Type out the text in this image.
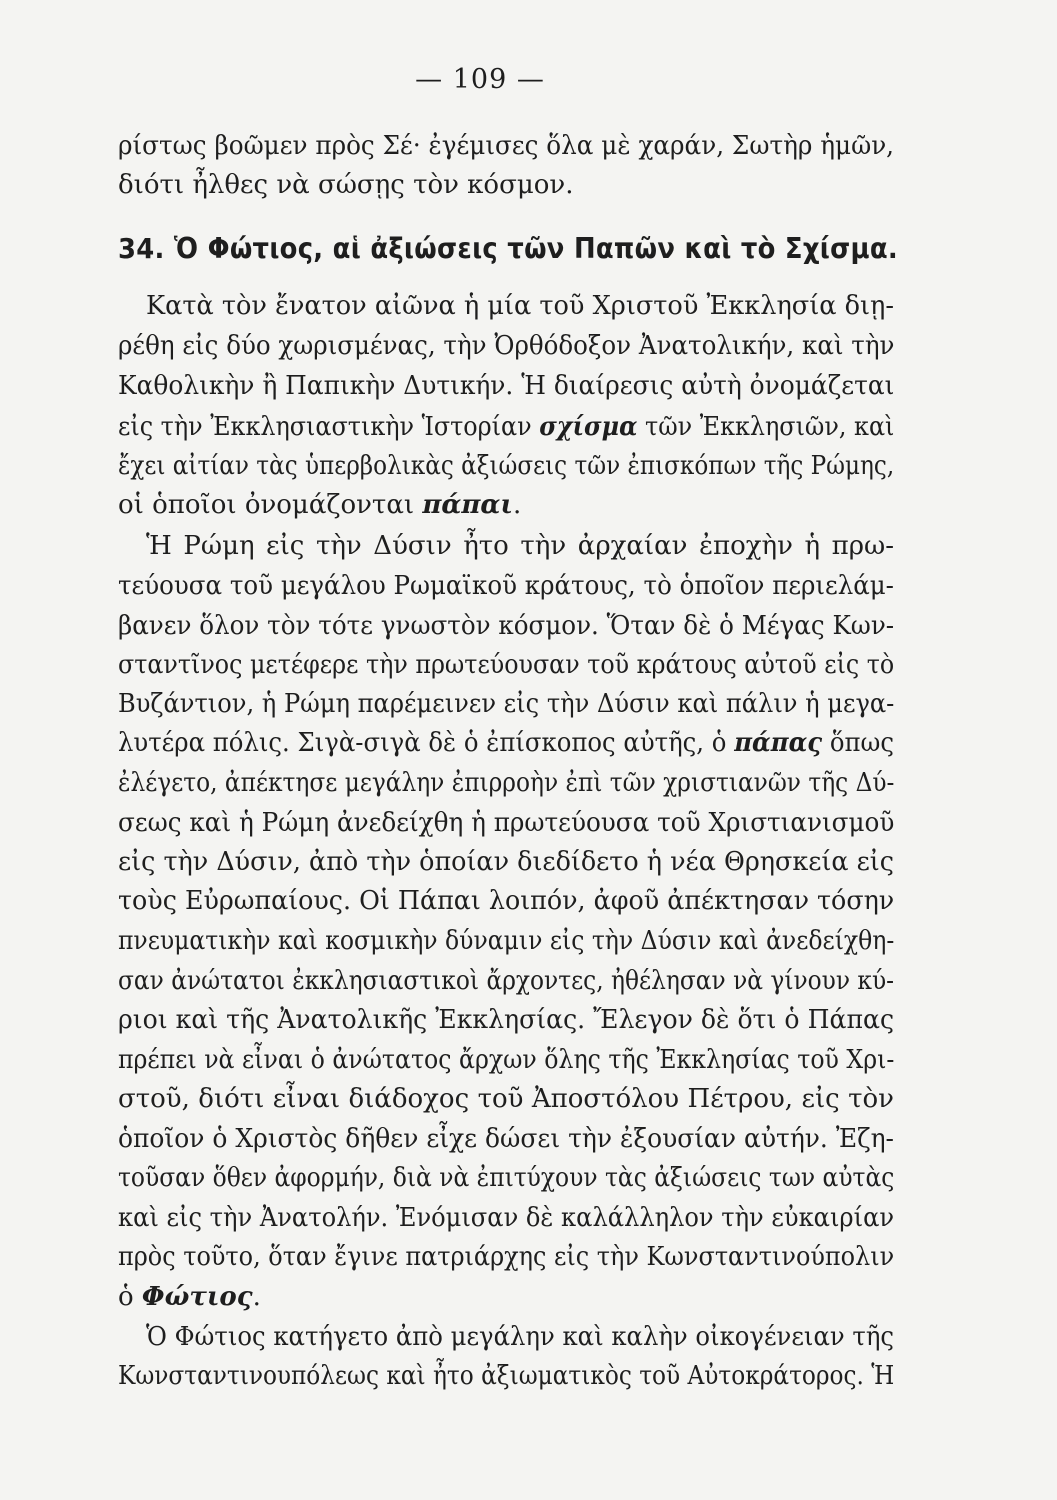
— 109 —
ρίστως βοῶμεν πρὸς Σέ· ἐγέμισες ὅλα μὲ χαράν, Σωτὴρ ἡμῶν,
διότι ἦλθες νὰ σώσῃς τὸν κόσμον.
34. Ὁ Φώτιος, αἱ ἀξιώσεις τῶν Παπῶν καὶ τὸ Σχίσμα.
Κατὰ τὸν ἔνατον αἰῶνα ἡ μία τοῦ Χριστοῦ Ἐκκλησία διῃ-
ρέθη εἰς δύο χωρισμένας, τὴν Ὀρθόδοξον Ἀνατολικήν, καὶ τὴν
Καθολικὴν ἢ Παπικὴν Δυτικήν. Ἡ διαίρεσις αὐτὴ ὀνομάζεται
εἰς τὴν Ἐκκλησιαστικὴν Ἱστορίαν σχίσμα τῶν Ἐκκλησιῶν, καὶ
ἔχει αἰτίαν τὰς ὑπερβολικὰς ἀξιώσεις τῶν ἐπισκόπων τῆς Ρώμης,
οἱ ὁποῖοι ὀνομάζονται πάπαι.
Ἡ Ρώμη εἰς τὴν Δύσιν ἦτο τὴν ἀρχαίαν ἐποχὴν ἡ πρω-
τεύουσα τοῦ μεγάλου Ρωμαϊκοῦ κράτους, τὸ ὁποῖον περιελάμ-
βανεν ὅλον τὸν τότε γνωστὸν κόσμον. Ὅταν δὲ ὁ Μέγας Κων-
σταντῖνος μετέφερε τὴν πρωτεύουσαν τοῦ κράτους αὐτοῦ εἰς τὸ
Βυζάντιον, ἡ Ρώμη παρέμεινεν εἰς τὴν Δύσιν καὶ πάλιν ἡ μεγα-
λυτέρα πόλις. Σιγὰ-σιγὰ δὲ ὁ ἐπίσκοπος αὐτῆς, ὁ πάπας ὅπως
ἐλέγετο, ἀπέκτησε μεγάλην ἐπιρροὴν ἐπὶ τῶν χριστιανῶν τῆς Δύ-
σεως καὶ ἡ Ρώμη ἀνεδείχθη ἡ πρωτεύουσα τοῦ Χριστιανισμοῦ
εἰς τὴν Δύσιν, ἀπὸ τὴν ὁποίαν διεδίδετο ἡ νέα Θρησκεία εἰς
τοὺς Εὐρωπαίους. Οἱ Πάπαι λοιπόν, ἀφοῦ ἀπέκτησαν τόσην
πνευματικὴν καὶ κοσμικὴν δύναμιν εἰς τὴν Δύσιν καὶ ἀνεδείχθη-
σαν ἀνώτατοι ἐκκλησιαστικοὶ ἄρχοντες, ἠθέλησαν νὰ γίνουν κύ-
ριοι καὶ τῆς Ἀνατολικῆς Ἐκκλησίας. Ἔλεγον δὲ ὅτι ὁ Πάπας
πρέπει νὰ εἶναι ὁ ἀνώτατος ἄρχων ὅλης τῆς Ἐκκλησίας τοῦ Χρι-
στοῦ, διότι εἶναι διάδοχος τοῦ Ἀποστόλου Πέτρου, εἰς τὸν
ὁποῖον ὁ Χριστὸς δῆθεν εἶχε δώσει τὴν ἐξουσίαν αὐτήν. Ἐζη-
τοῦσαν ὅθεν ἀφορμήν, διὰ νὰ ἐπιτύχουν τὰς ἀξιώσεις των αὐτὰς
καὶ εἰς τὴν Ἀνατολήν. Ἐνόμισαν δὲ καλάλληλον τὴν εὐκαιρίαν
πρὸς τοῦτο, ὅταν ἔγινε πατριάρχης εἰς τὴν Κωνσταντινούπολιν
ὁ Φώτιος.
Ὁ Φώτιος κατήγετο ἀπὸ μεγάλην καὶ καλὴν οἰκογένειαν τῆς
Κωνσταντινουπόλεως καὶ ἦτο ἀξιωματικὸς τοῦ Αὐτοκράτορος. Ἡ
